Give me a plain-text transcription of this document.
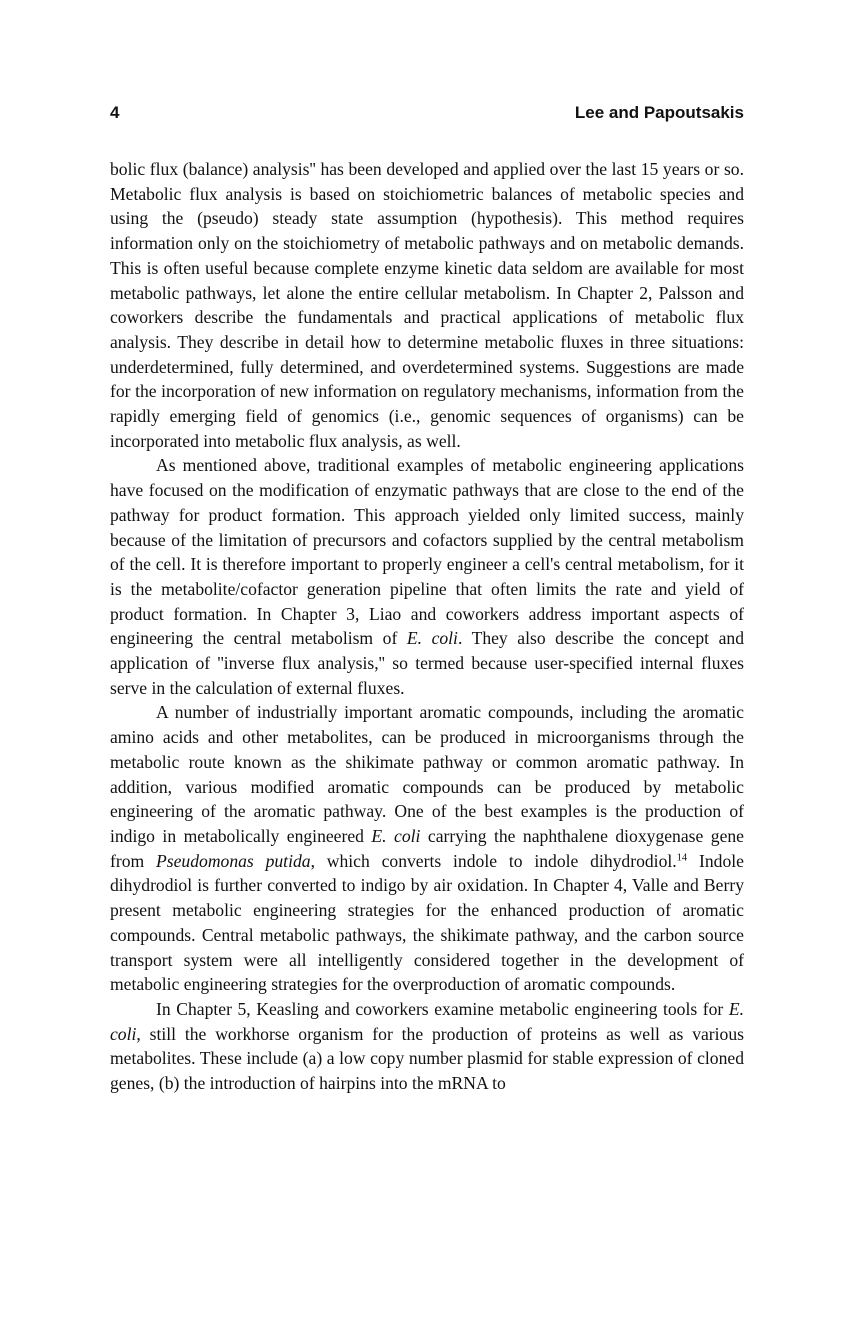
4	Lee and Papoutsakis

bolic flux (balance) analysis'' has been developed and applied over the last 15 years or so. Metabolic flux analysis is based on stoichiometric balances of metabolic species and using the (pseudo) steady state assumption (hypothesis). This method requires information only on the stoichiometry of metabolic pathways and on metabolic demands. This is often useful because complete enzyme kinetic data seldom are available for most metabolic pathways, let alone the entire cellular metabolism. In Chapter 2, Palsson and coworkers describe the fundamentals and practical applications of metabolic flux analysis. They describe in detail how to determine metabolic fluxes in three situations: underdetermined, fully determined, and overdetermined systems. Suggestions are made for the incorporation of new information on regulatory mechanisms, information from the rapidly emerging field of genomics (i.e., genomic sequences of organisms) can be incorporated into metabolic flux analysis, as well.

As mentioned above, traditional examples of metabolic engineering applications have focused on the modification of enzymatic pathways that are close to the end of the pathway for product formation. This approach yielded only limited success, mainly because of the limitation of precursors and cofactors supplied by the central metabolism of the cell. It is therefore important to properly engineer a cell's central metabolism, for it is the metabolite/cofactor generation pipeline that often limits the rate and yield of product formation. In Chapter 3, Liao and coworkers address important aspects of engineering the central metabolism of E. coli. They also describe the concept and application of ''inverse flux analysis,'' so termed because user-specified internal fluxes serve in the calculation of external fluxes.

A number of industrially important aromatic compounds, including the aromatic amino acids and other metabolites, can be produced in microorganisms through the metabolic route known as the shikimate pathway or common aromatic pathway. In addition, various modified aromatic compounds can be produced by metabolic engineering of the aromatic pathway. One of the best examples is the production of indigo in metabolically engineered E. coli carrying the naphthalene dioxygenase gene from Pseudomonas putida, which converts indole to indole dihydrodiol.$^{14}$ Indole dihydrodiol is further converted to indigo by air oxidation. In Chapter 4, Valle and Berry present metabolic engineering strategies for the enhanced production of aromatic compounds. Central metabolic pathways, the shikimate pathway, and the carbon source transport system were all intelligently considered together in the development of metabolic engineering strategies for the overproduction of aromatic compounds.

In Chapter 5, Keasling and coworkers examine metabolic engineering tools for E. coli, still the workhorse organism for the production of proteins as well as various metabolites. These include (a) a low copy number plasmid for stable expression of cloned genes, (b) the introduction of hairpins into the mRNA to
